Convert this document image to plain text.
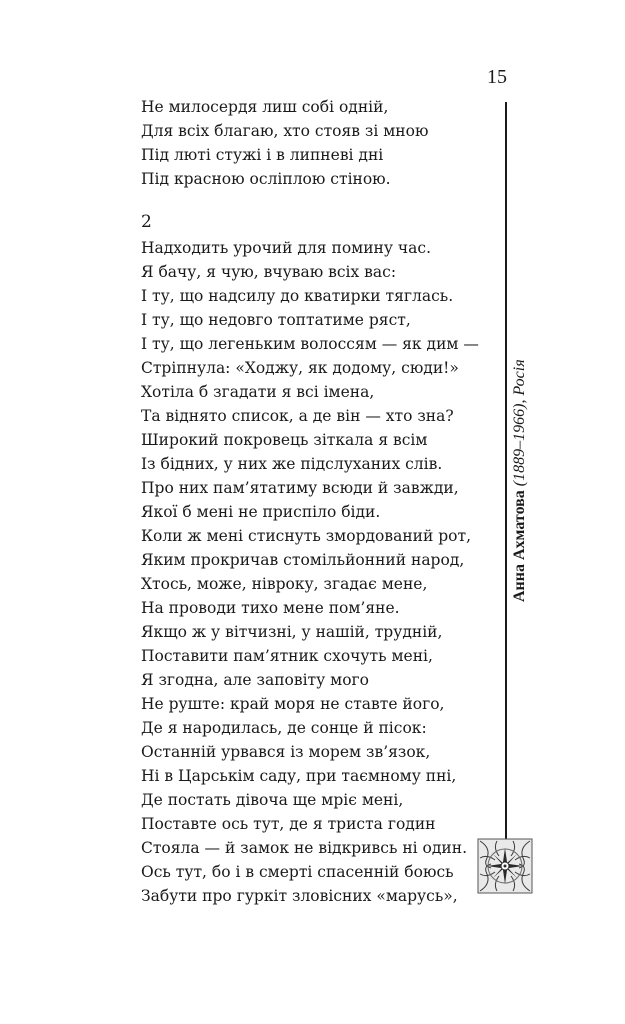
15
Не милосердя лиш собі одній,
Для всіх благаю, хто стояв зі мною
Під люті стужі і в липневі дні
Під красною осліплою стіною.
2
Надходить урочий для помину час.
Я бачу, я чую, вчуваю всіх вас:
І ту, що надсилу до кватирки тяглась.
І ту, що недовго топтатиме ряст,
І ту, що легеньким волоссям — як дим —
Стріпнула: «Ходжу, як додому, сюди!»
Хотіла б згадати я всі імена,
Та віднято список, а де він — хто зна?
Широкий покровець зіткала я всім
Із бідних, у них же підслуханих слів.
Про них пам’ятатиму всюди й завжди,
Якої б мені не приспіло біди.
Коли ж мені стиснуть змордований рот,
Яким прокричав стомільйонний народ,
Хтось, може, нівроку, згадає мене,
На проводи тихо мене пом’яне.
Якщо ж у вітчизні, у нашій, трудній,
Поставити пам’ятник схочуть мені,
Я згодна, але заповіту мого
Не руште: край моря не ставте його,
Де я народилась, де сонце й пісок:
Останній урвався із морем зв’язок,
Ні в Царськім саду, при таємному пні,
Де постать дівоча ще мріє мені,
Поставте ось тут, де я триста годин
Стояла — й замок не відкривсь ні один.
Ось тут, бо і в смерті спасенній боюсь
Забути про гуркіт зловісних «марусь»,
Анна Ахматова (1889–1966), Росія
